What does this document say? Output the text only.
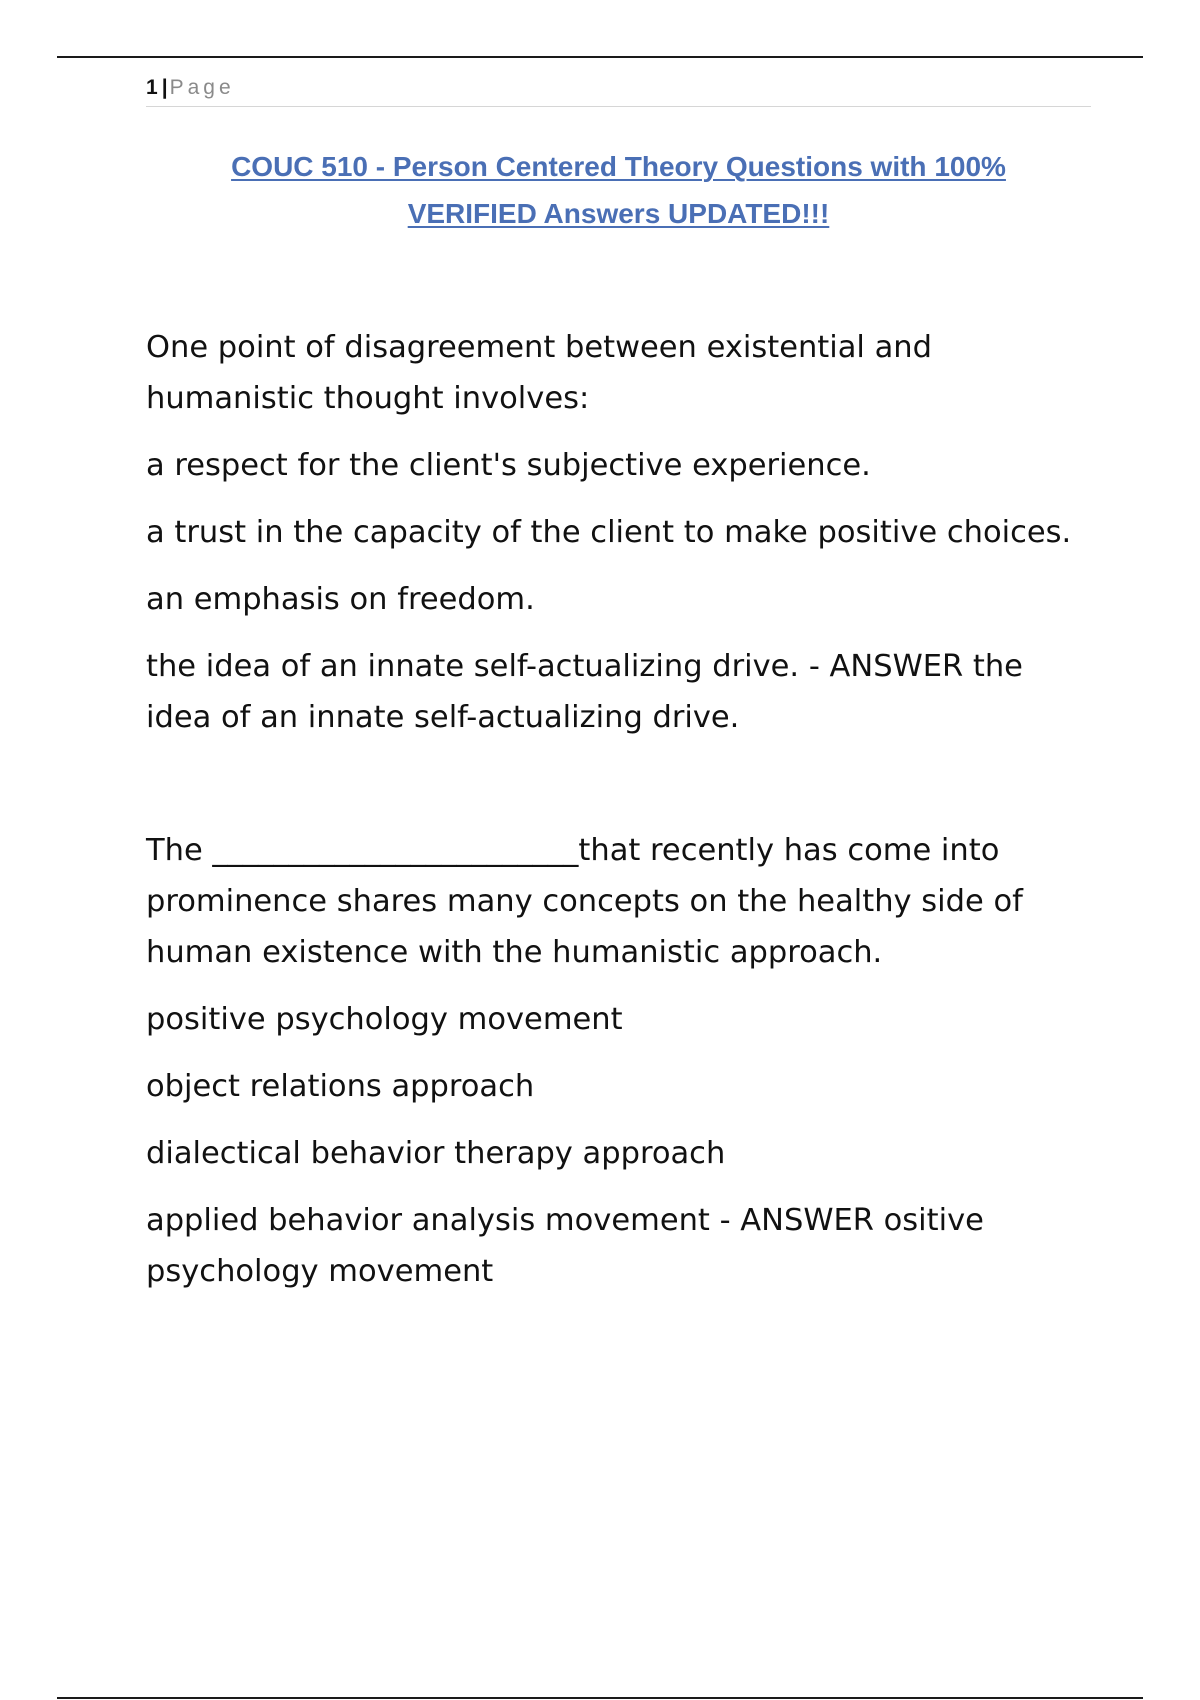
1 |Page
COUC 510 - Person Centered Theory Questions with 100%
VERIFIED Answers UPDATED!!!

One point of disagreement between existential and humanistic thought involves:

a respect for the client's subjective experience.

a trust in the capacity of the client to make positive choices.

an emphasis on freedom.

the idea of an innate self-actualizing drive. - ANSWER the idea of an innate self-actualizing drive.

The ________________________that recently has come into prominence shares many concepts on the healthy side of human existence with the humanistic approach.

positive psychology movement

object relations approach

dialectical behavior therapy approach

applied behavior analysis movement - ANSWER ositive psychology movement
